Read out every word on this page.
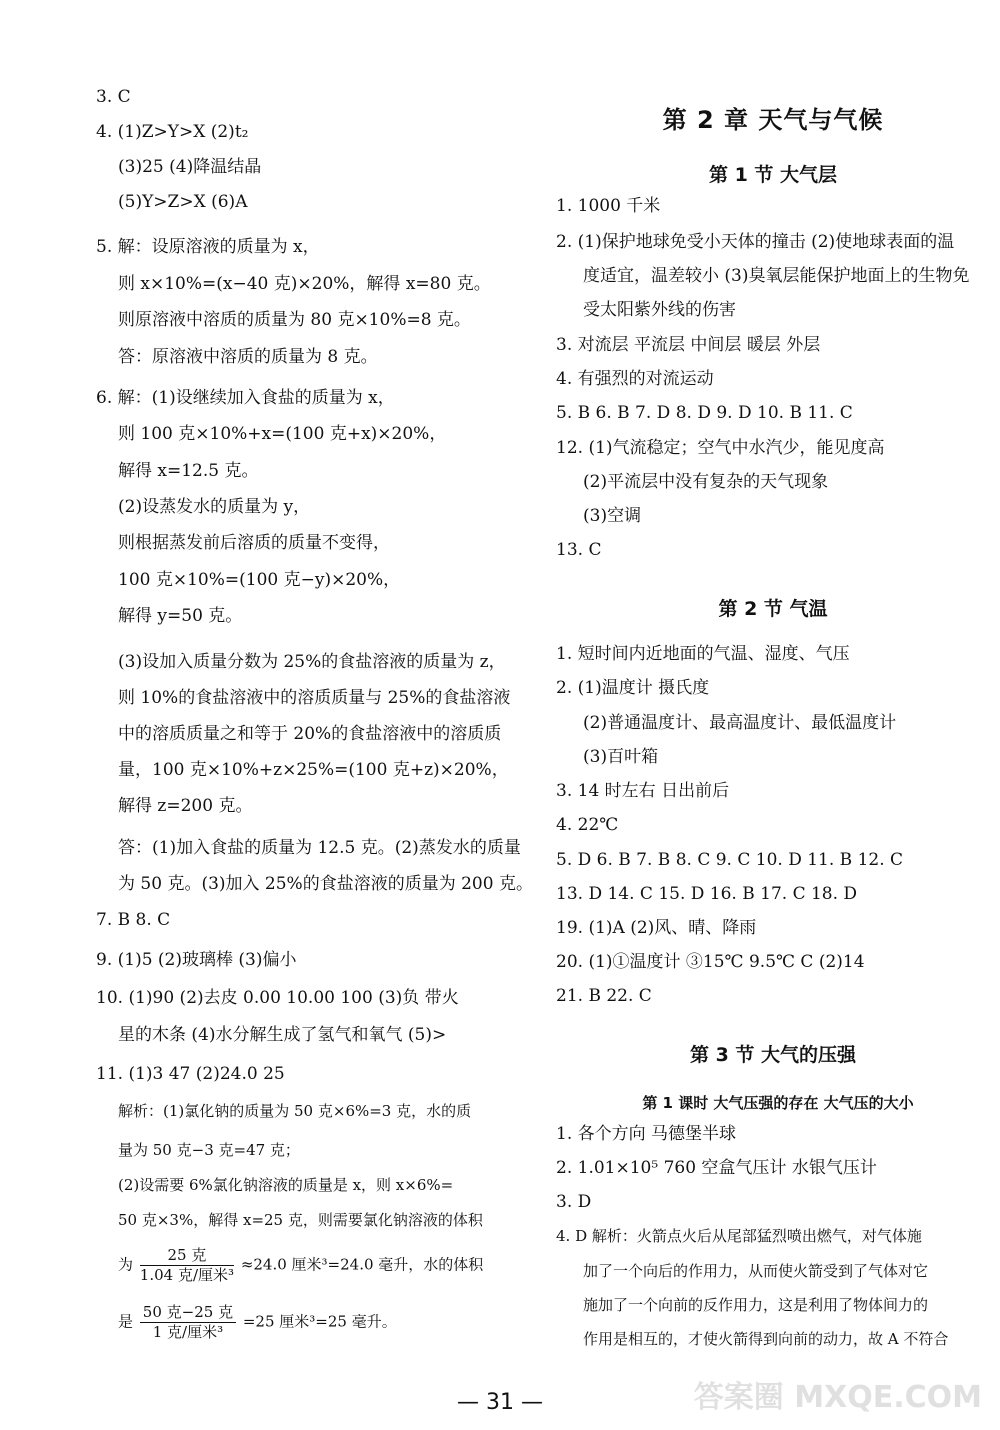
3. C
4. (1)Z>Y>X (2)t₂
(3)25 (4)降温结晶
(5)Y>Z>X (6)A
5. 解：设原溶液的质量为 x，
则 x×10%=(x−40 克)×20%，解得 x=80 克。
则原溶液中溶质的质量为 80 克×10%=8 克。
答：原溶液中溶质的质量为 8 克。
6. 解：(1)设继续加入食盐的质量为 x，
则 100 克×10%+x=(100 克+x)×20%，
解得 x=12.5 克。
(2)设蒸发水的质量为 y，
则根据蒸发前后溶质的质量不变得，
100 克×10%=(100 克−y)×20%，
解得 y=50 克。
(3)设加入质量分数为 25%的食盐溶液的质量为 z，
则 10%的食盐溶液中的溶质质量与 25%的食盐溶液
中的溶质质量之和等于 20%的食盐溶液中的溶质质
量，100 克×10%+z×25%=(100 克+z)×20%，
解得 z=200 克。
答：(1)加入食盐的质量为 12.5 克。(2)蒸发水的质量
为 50 克。(3)加入 25%的食盐溶液的质量为 200 克。
7. B 8. C
9. (1)5 (2)玻璃棒 (3)偏小
10. (1)90 (2)去皮 0.00 10.00 100 (3)负 带火
星的木条 (4)水分解生成了氢气和氧气 (5)>
11. (1)3 47 (2)24.0 25
解析：(1)氯化钠的质量为 50 克×6%=3 克，水的质
量为 50 克−3 克=47 克；
(2)设需要 6%氯化钠溶液的质量是 x，则 x×6%=
50 克×3%，解得 x=25 克，则需要氯化钠溶液的体积
为 $\frac{\text{25 克}}{\text{1.04 克/厘米³}} \approx 24.0$ 厘米³=24.0 毫升，水的体积
是 $\frac{\text{50 克−25 克}}{\text{1 克/厘米³}} =25$ 厘米³=25 毫升。
第 2 章 天气与气候
第 1 节 大气层
1. 1000 千米
2. (1)保护地球免受小天体的撞击 (2)使地球表面的温
度适宜，温差较小 (3)臭氧层能保护地面上的生物免
受太阳紫外线的伤害
3. 对流层 平流层 中间层 暖层 外层
4. 有强烈的对流运动
5. B 6. B 7. D 8. D 9. D 10. B 11. C
12. (1)气流稳定；空气中水汽少，能见度高
(2)平流层中没有复杂的天气现象
(3)空调
13. C
第 2 节 气温
1. 短时间内近地面的气温、湿度、气压
2. (1)温度计 摄氏度
(2)普通温度计、最高温度计、最低温度计
(3)百叶箱
3. 14 时左右 日出前后
4. 22℃
5. D 6. B 7. B 8. C 9. C 10. D 11. B 12. C
13. D 14. C 15. D 16. B 17. C 18. D
19. (1)A (2)风、晴、降雨
20. (1)①温度计 ③15℃ 9.5℃ C (2)14
21. B 22. C
第 3 节 大气的压强
第 1 课时 大气压强的存在 大气压的大小
1. 各个方向 马德堡半球
2. 1.01×10⁵ 760 空盒气压计 水银气压计
3. D
4. D 解析：火箭点火后从尾部猛烈喷出燃气，对气体施
加了一个向后的作用力，从而使火箭受到了气体对它
施加了一个向前的反作用力，这是利用了物体间力的
作用是相互的，才使火箭得到向前的动力，故 A 不符合
— 31 —	答案圈 MXQE.COM
